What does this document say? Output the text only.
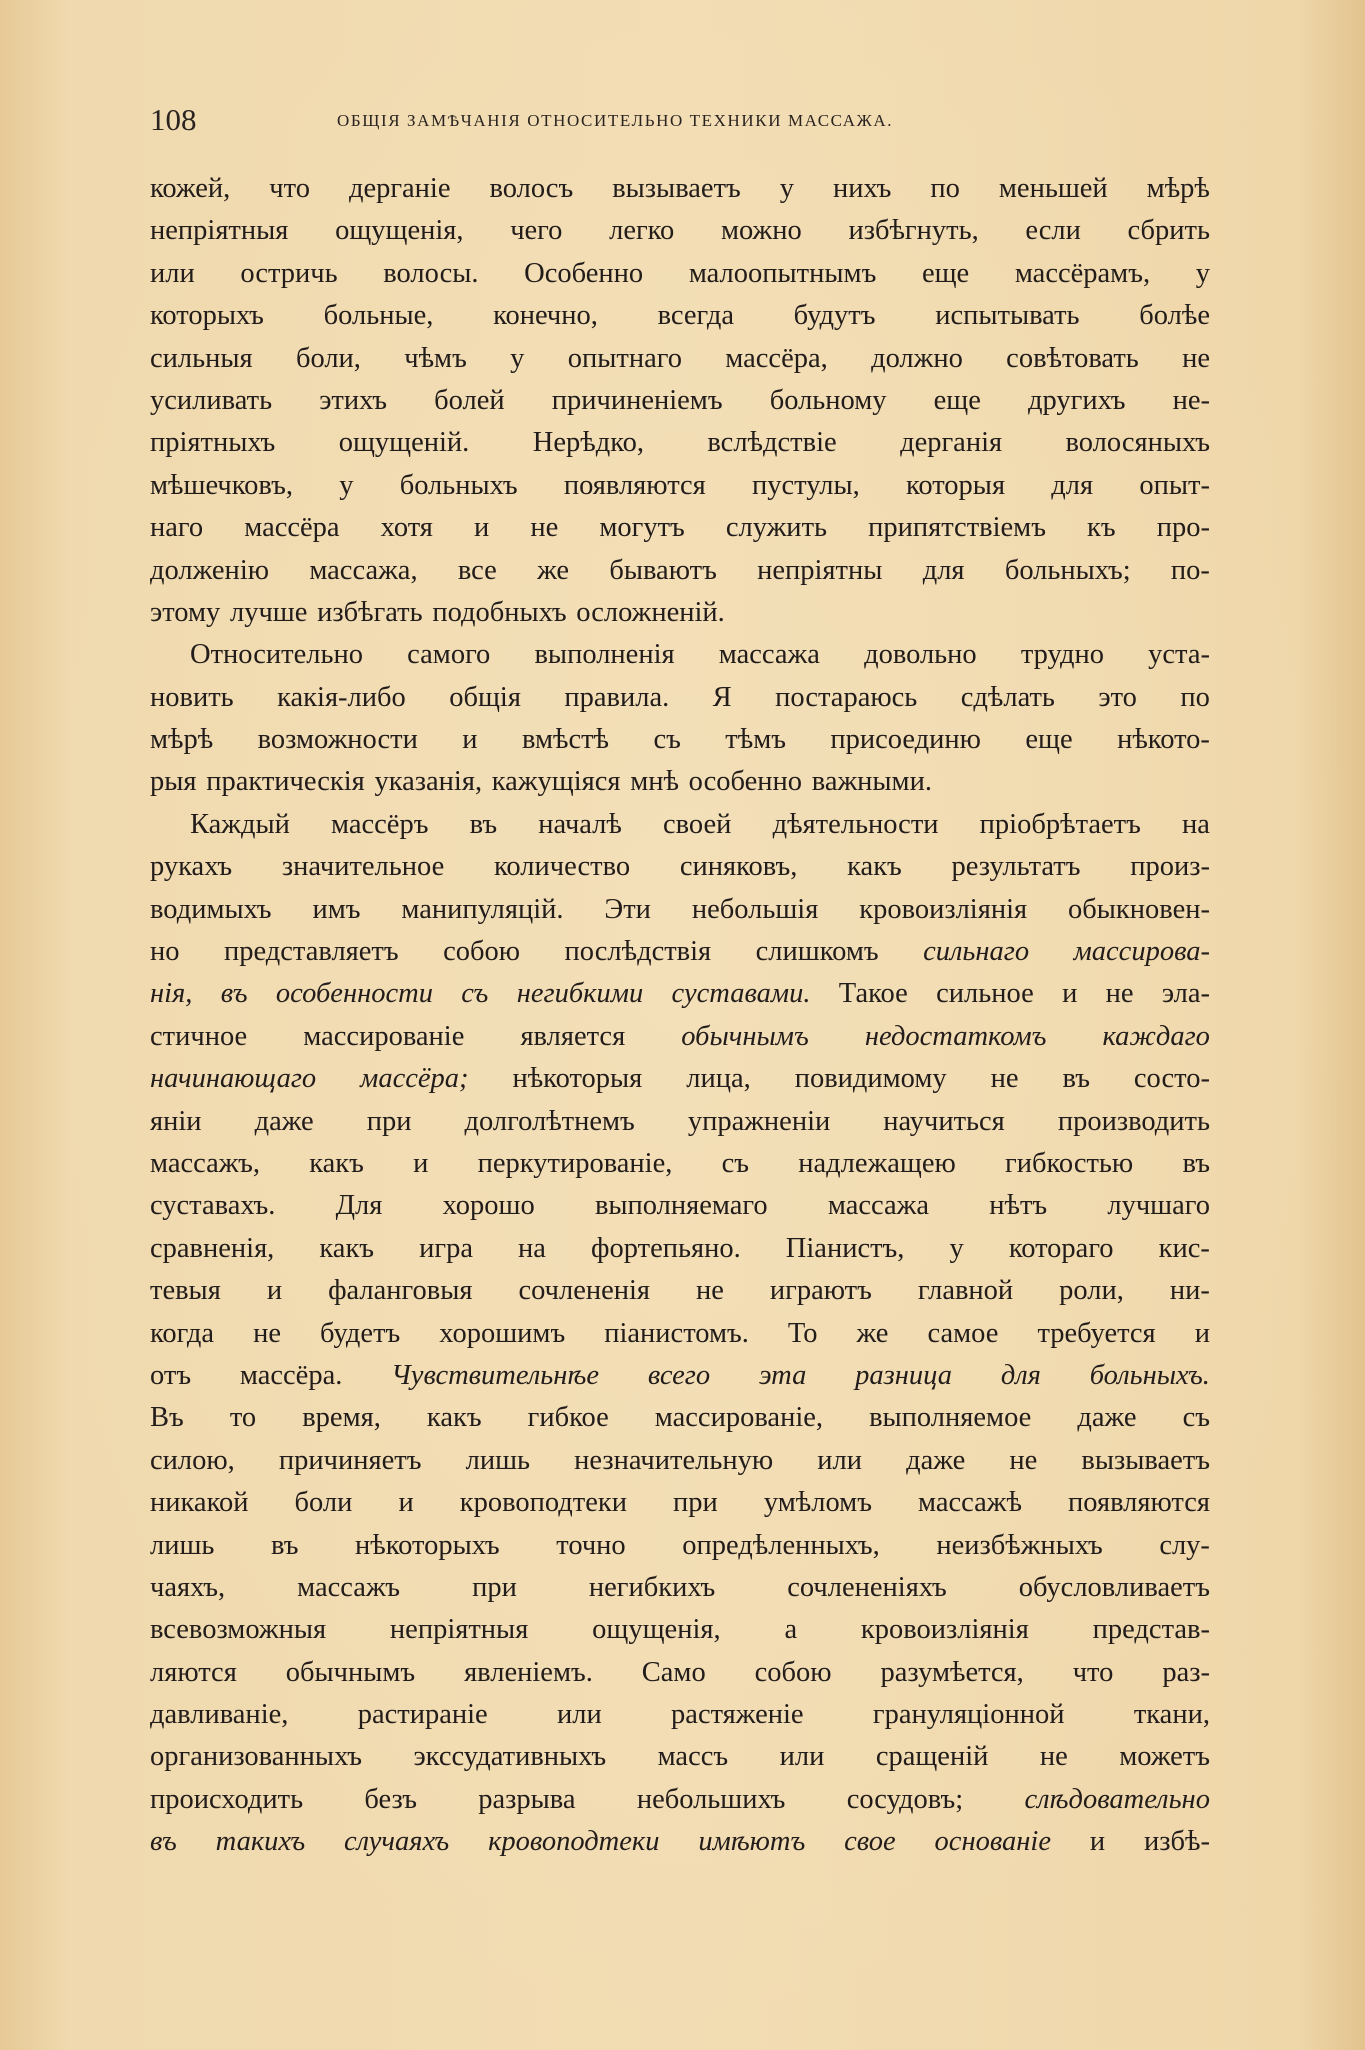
108	ОБЩІЯ ЗАМѢЧАНІЯ ОТНОСИТЕЛЬНО ТЕХНИКИ МАССАЖА.
кожей, что дерганіе волосъ вызываетъ у нихъ по меньшей мѣрѣ
непріятныя ощущенія, чего легко можно избѣгнуть, если сбрить
или остричь волосы. Особенно малоопытнымъ еще массёрамъ, у
которыхъ больные, конечно, всегда будутъ испытывать болѣе
сильныя боли, чѣмъ у опытнаго массёра, должно совѣтовать не
усиливать этихъ болей причиненіемъ больному еще другихъ не-
пріятныхъ ощущеній. Нерѣдко, вслѣдствіе дерганія волосяныхъ
мѣшечковъ, у больныхъ появляются пустулы, которыя для опыт-
наго массёра хотя и не могутъ служить припятствіемъ къ про-
долженію массажа, все же бываютъ непріятны для больныхъ; по-
этому лучше избѣгать подобныхъ осложненій.
Относительно самого выполненія массажа довольно трудно уста-
новить какія-либо общія правила. Я постараюсь сдѣлать это по
мѣрѣ возможности и вмѣстѣ съ тѣмъ присоединю еще нѣкото-
рыя практическія указанія, кажущіяся мнѣ особенно важными.
Каждый массёръ въ началѣ своей дѣятельности пріобрѣтаетъ на
рукахъ значительное количество синяковъ, какъ результатъ произ-
водимыхъ имъ манипуляцій. Эти небольшія кровоизліянія обыкновен-
но представляетъ собою послѣдствія слишкомъ сильнаго массирова-
нія, въ особенности съ негибкими суставами. Такое сильное и не эла-
стичное массированіе является обычнымъ недостаткомъ каждаго
начинающаго массёра; нѣкоторыя лица, повидимому не въ состо-
яніи даже при долголѣтнемъ упражненіи научиться производить
массажъ, какъ и перкутированіе, съ надлежащею гибкостью въ
суставахъ. Для хорошо выполняемаго массажа нѣтъ лучшаго
сравненія, какъ игра на фортепьяно. Піанистъ, у котораго кис-
тевыя и фаланговыя сочлененія не играютъ главной роли, ни-
когда не будетъ хорошимъ піанистомъ. То же самое требуется и
отъ массёра. Чувствительнѣе всего эта разница для больныхъ.
Въ то время, какъ гибкое массированіе, выполняемое даже съ
силою, причиняетъ лишь незначительную или даже не вызываетъ
никакой боли и кровоподтеки при умѣломъ массажѣ появляются
лишь въ нѣкоторыхъ точно опредѣленныхъ, неизбѣжныхъ слу-
чаяхъ,	массажъ	при	негибкихъ	сочлененіяхъ	обусловливаетъ
всевозможныя непріятныя ощущенія, а кровоизліянія представ-
ляются обычнымъ явленіемъ. Само собою разумѣется, что раз-
давливаніе, растираніе или растяженіе грануляціонной ткани,
организованныхъ экссудативныхъ массъ или сращеній не можетъ
происходить безъ разрыва небольшихъ сосудовъ; слѣдовательно
въ такихъ случаяхъ кровоподтеки имѣютъ свое основаніе и избѣ-
